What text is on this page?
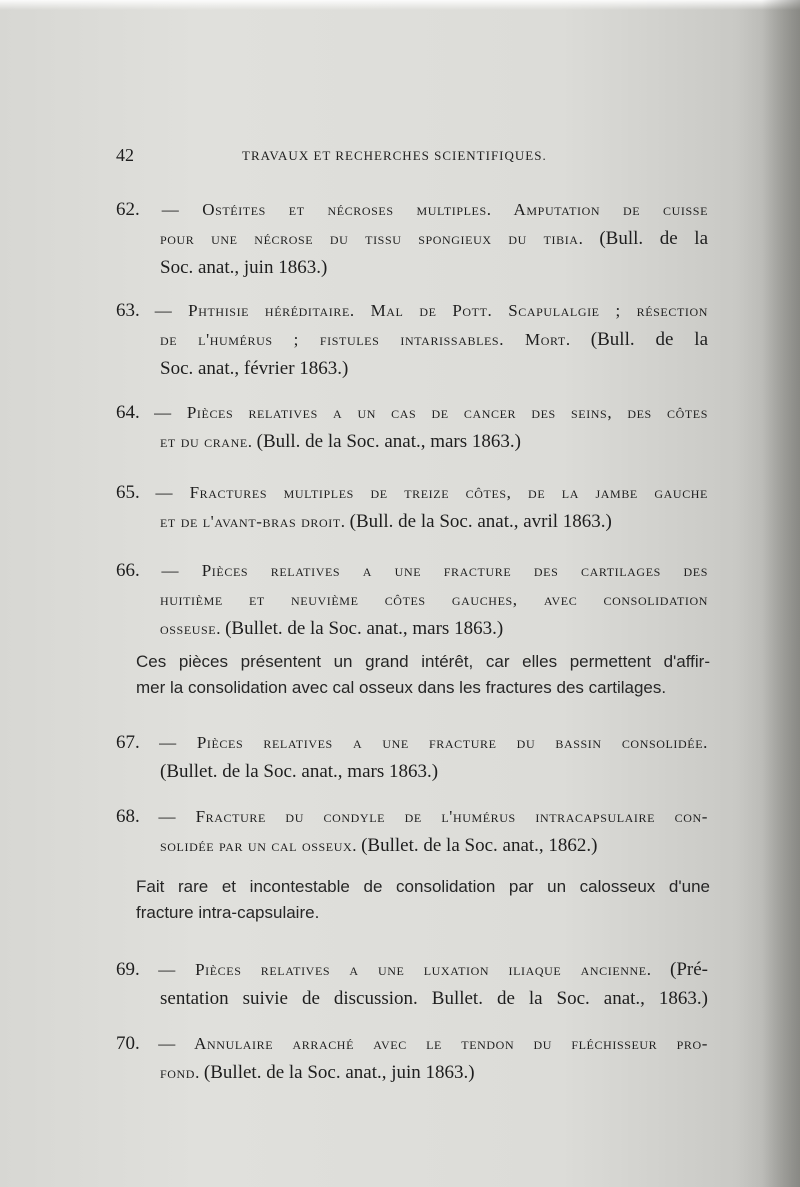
42	TRAVAUX ET RECHERCHES SCIENTIFIQUES.
62. — Ostéites et nécroses multiples. Amputation de cuisse
pour une nécrose du tissu spongieux du tibia. (Bull. de la
Soc. anat., juin 1863.)
63. — Phthisie héréditaire. Mal de Pott. Scapulalgie ; résection
de l'humérus ; fistules intarissables. Mort. (Bull. de la
Soc. anat., février 1863.)
64. — Pièces relatives a un cas de cancer des seins, des côtes
et du crane. (Bull. de la Soc. anat., mars 1863.)
65. — Fractures multiples de treize côtes, de la jambe gauche
et de l'avant-bras droit. (Bull. de la Soc. anat., avril 1863.)
66. — Pièces relatives a une fracture des cartilages des
huitième et neuvième côtes gauches, avec consolidation
osseuse. (Bullet. de la Soc. anat., mars 1863.)
Ces pièces présentent un grand intérêt, car elles permettent d'affir-
mer la consolidation avec cal osseux dans les fractures des cartilages.
67. — Pièces relatives a une fracture du bassin consolidée.
(Bullet. de la Soc. anat., mars 1863.)
68. — Fracture du condyle de l'humérus intracapsulaire con-
solidée par un cal osseux. (Bullet. de la Soc. anat., 1862.)
Fait rare et incontestable de consolidation par un calosseux d'une
fracture intra-capsulaire.
69. — Pièces relatives a une luxation iliaque ancienne. (Pré-
sentation suivie de discussion. Bullet. de la Soc. anat., 1863.)
70. — Annulaire arraché avec le tendon du fléchisseur pro-
fond. (Bullet. de la Soc. anat., juin 1863.)
